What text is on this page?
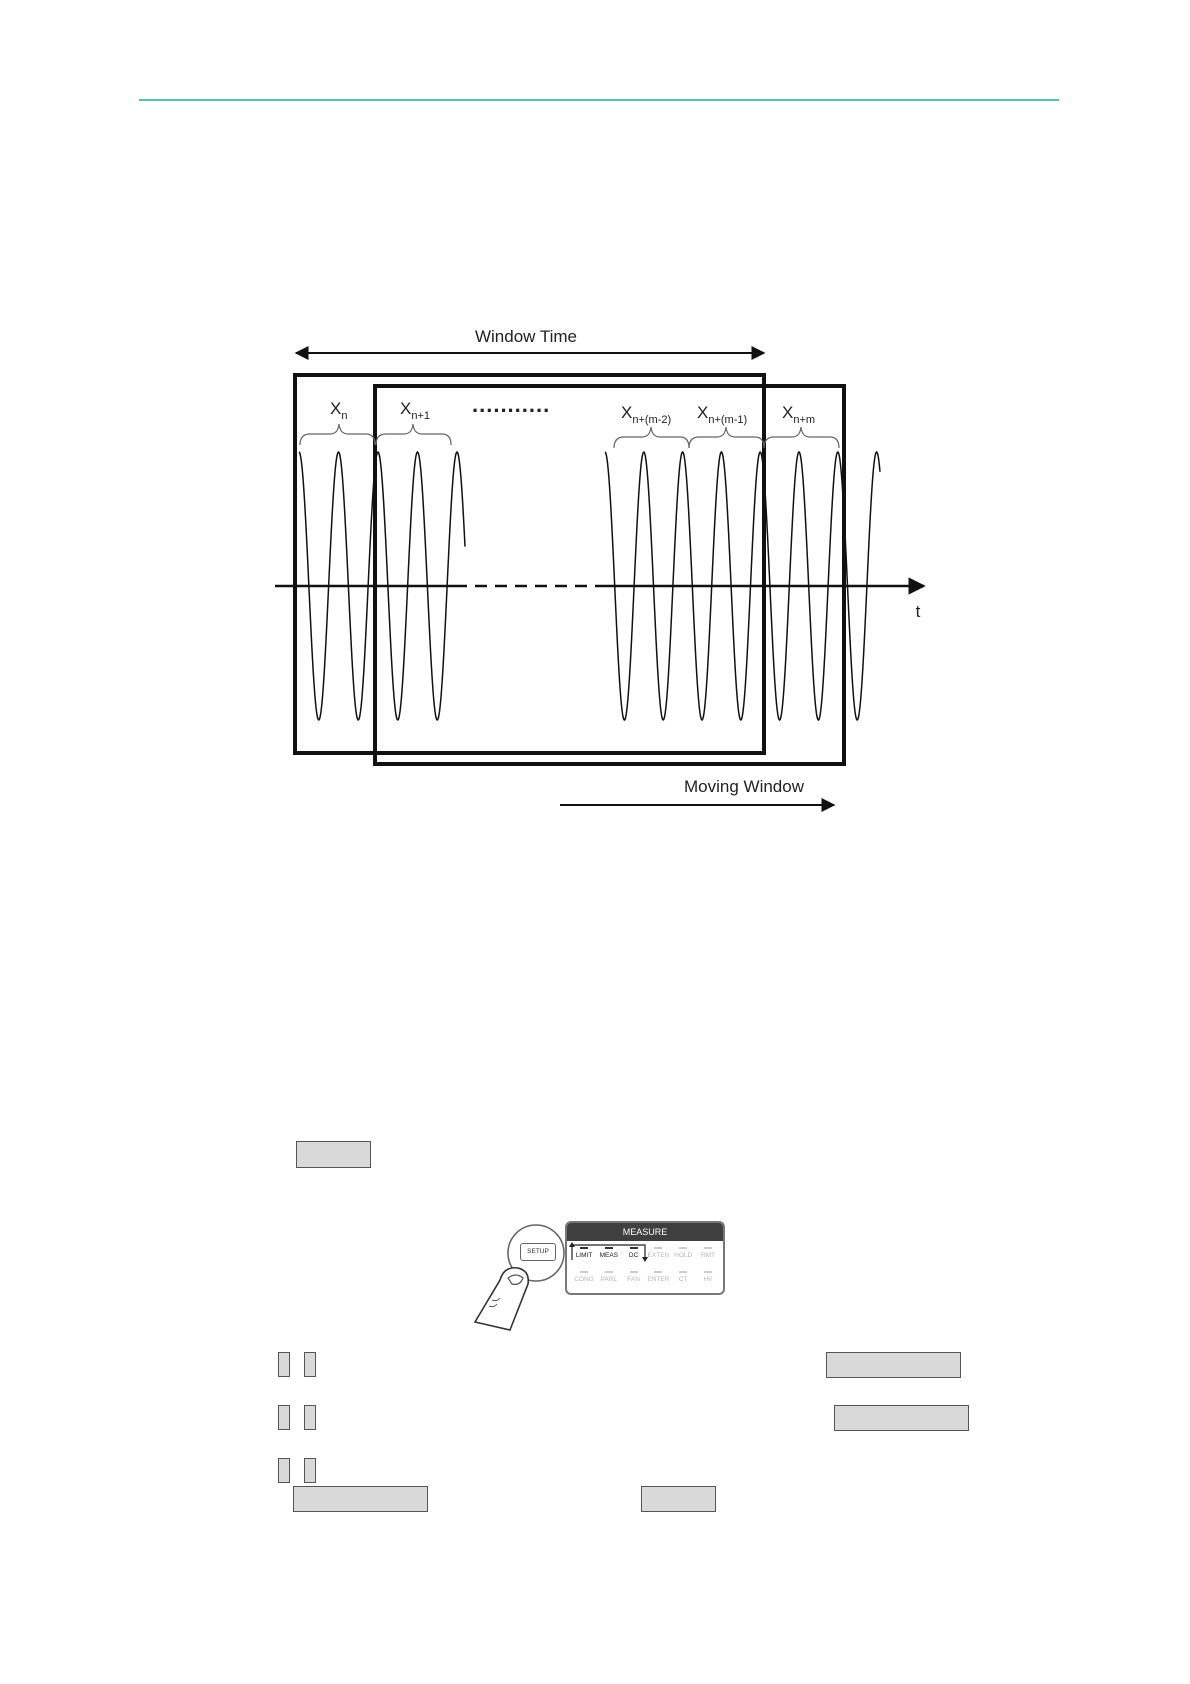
Window Time
t
$X_n$	$X_{n+1}$ ...........	$X_{n+(m-2)}$ $X_{n+(m-1)}$ $X_{n+m}$
Moving Window
SETUP
MEASURE
LIMIT	MEAS	DC	EXTEN HOLD	RMT
CONG	PARL	FAN	ENTER	CT	HV
